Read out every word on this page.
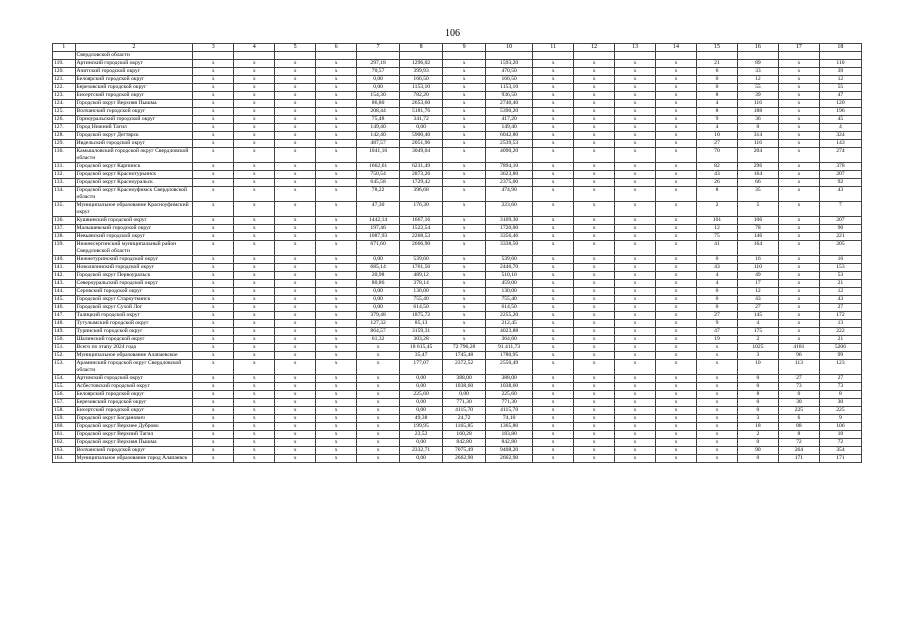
106
1	2	3	4	5	6	7	8	9	10	11	12	13	14	15	16	17	18
	Свердловской области																
119.	Артинский городской округ	x	x	x	x	297,18	1296,02	x	1593,20	x	x	x	x	21	89	x	110
120.	Ачитский городской округ	x	x	x	x	70,57	399,93	x	470,50	x	x	x	x	6	33	x	39
121.	Белоярский городской округ	x	x	x	x	0,00	166,50	x	166,50	x	x	x	x	0	12	x	12
122.	Березовский городской округ	x	x	x	x	0,00	1153,10	x	1153,10	x	x	x	x	0	55	x	55
123.	Бисертский городской округ	x	x	x	x	154,30	782,20	x	936,50	x	x	x	x	8	39	x	47
124.	Городской округ Верхняя Пышма	x	x	x	x	86,80	2653,60	x	2740,40	x	x	x	x	4	116	x	120
125.	Волчанский городской округ	x	x	x	x	208,44	5181,76	x	5390,20	x	x	x	x	8	188	x	196
126.	Горноуральский городской округ	x	x	x	x	75,48	341,72	x	417,20	x	x	x	x	9	36	x	45
127.	Город Нижний Тагил	x	x	x	x	149,40	0,00	x	149,40	x	x	x	x	4	0	x	4
128.	Городской округ Дегтярск	x	x	x	x	142,40	5900,40	x	6042,80	x	x	x	x	10	314	x	324
129.	Ивдельский городской округ	x	x	x	x	487,57	2051,96	x	2539,53	x	x	x	x	27	116	x	143
130.	Камышловский городской округ Свердловской области	x	x	x	x	1041,16	3049,04	x	4090,20	x	x	x	x	70	204	x	274
131.	Городской округ Карпинск	x	x	x	x	1662,61	6231,49	x	7894,10	x	x	x	x	82	296	x	378
132.	Городской округ Краснотурьинск	x	x	x	x	750,54	2873,26	x	3623,80	x	x	x	x	43	164	x	207
133.	Городской округ Красноуральск	x	x	x	x	645,58	1729,42	x	2375,00	x	x	x	x	26	66	x	92
134.	Городской округ Красноуфимск Свердловской области	x	x	x	x	78,22	396,68	x	474,90	x	x	x	x	8	35	x	43
135.	Муниципальное образование Красноуфимский округ	x	x	x	x	47,30	176,30	x	223,60	x	x	x	x	2	5	x	7
136.	Кушвинский городской округ	x	x	x	x	1442,14	1667,16	x	3109,30	x	x	x	x	101	106	x	207
137.	Малышевский городской округ	x	x	x	x	197,46	1522,54	x	1720,00	x	x	x	x	12	78	x	90
138.	Невьянский городской округ	x	x	x	x	1087,93	2268,53	x	3356,46	x	x	x	x	75	146	x	221
139.	Нижнесергинский муниципальный район Свердловской области	x	x	x	x	671,60	2666,90	x	3338,50	x	x	x	x	41	164	x	205
140.	Нижнетуринский городской округ	x	x	x	x	0,00	539,60	x	539,60	x	x	x	x	0	16	x	16
141.	Новолялинский городской округ	x	x	x	x	685,14	1761,56	x	2446,70	x	x	x	x	43	110	x	153
142.	Городской округ Первоуральск	x	x	x	x	20,98	489,12	x	510,10	x	x	x	x	4	49	x	53
143.	Североуральский городской округ	x	x	x	x	80,86	378,14	x	459,00	x	x	x	x	4	17	x	21
144.	Серовский городской округ	x	x	x	x	0,00	130,00	x	130,00	x	x	x	x	0	12	x	12
145.	Городской округ Староуткинск	x	x	x	x	0,00	755,40	x	755,40	x	x	x	x	0	43	x	43
146.	Городской округ Сухой Лог	x	x	x	x	0,00	614,50	x	614,50	x	x	x	x	0	27	x	27
147.	Талицкий городской округ	x	x	x	x	379,48	1875,72	x	2255,20	x	x	x	x	27	145	x	172
148.	Тугулымский городской округ	x	x	x	x	127,32	85,13	x	212,45	x	x	x	x	9	4	x	13
149.	Туринский городской округ	x	x	x	x	864,57	3159,31	x	4023,88	x	x	x	x	47	175	x	222
150.	Шалинский городской округ	x	x	x	x	61,32	303,28	x	364,60	x	x	x	x	19	2	x	21
151.	Всего по этапу 2024 года	x	x	x	x	x	18 615,45	72 796,28	91 411,73	x	x	x	x	x	1025	4181	5206
152.	Муниципальное образование Алапаевское	x	x	x	x	x	35,47	1745,48	1780,95	x	x	x	x	x	3	96	99
153.	Араминский городской округ Свердловской области	x	x	x	x	x	177,07	2372,52	2550,49	x	x	x	x	x	10	113	123
154.	Артинский городской округ	x	x	x	x	x	0,00	388,00	388,00	x	x	x	x	x	0	27	27
155.	Асбестовский городской округ	x	x	x	x	x	0,00	1038,60	1038,60	x	x	x	x	x	0	73	73
156.	Белоярский городской округ	x	x	x	x	x	225,60	0,00	225,60	x	x	x	x	x	8	0	8
157.	Березовский городской округ	x	x	x	x	x	0,00	771,30	771,30	x	x	x	x	x	0	30	30
158.	Бисертский городской округ	x	x	x	x	x	0,00	4115,70	4115,70	x	x	x	x	x	0	225	225
159.	Городской округ Богданович	x	x	x	x	x	49,38	24,72	74,10	x	x	x	x	x	3	6	9
160.	Городской округ Верхнее Дуброво	x	x	x	x	x	199,95	1165,85	1365,80	x	x	x	x	x	18	88	106
161.	Городской округ Верхний Тагил	x	x	x	x	x	23,52	160,28	183,80	x	x	x	x	x	2	8	10
162.	Городской округ Верхняя Пышма	x	x	x	x	x	0,00	842,80	842,80	x	x	x	x	x	0	72	72
163.	Волчанский городской округ	x	x	x	x	x	2332,71	7075,49	9408,20	x	x	x	x	x	90	264	354
164.	Муниципальное образование город Алапаевск	x	x	x	x	x	0,00	2662,90	2662,90	x	x	x	x	x	0	171	171
